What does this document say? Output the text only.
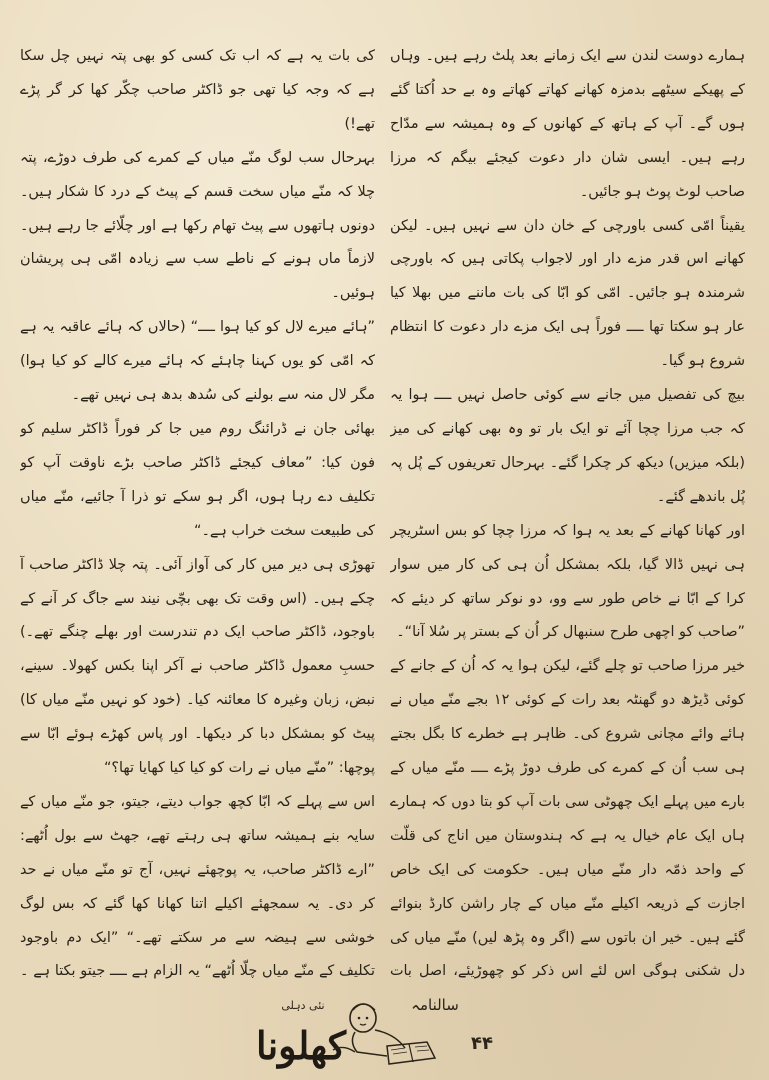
ہمارے دوست لندن سے ایک زمانے بعد پلٹ رہے ہیں۔ وہاں کے پھیکے سیٹھے بدمزہ کھانے کھاتے کھاتے وہ بے حد اُکتا گئے ہوں گے۔ آپ کے ہاتھ کے کھانوں کے وہ ہمیشہ سے مدّاح رہے ہیں۔ ایسی شان دار دعوت کیجئے بیگم کہ مرزا صاحب لوٹ پوٹ ہو جائیں۔

یقیناً امّی کسی باورچی کے خان دان سے نہیں ہیں۔ لیکن کھانے اس قدر مزے دار اور لاجواب پکاتی ہیں کہ باورچی شرمندہ ہو جائیں۔ امّی کو ابّا کی بات ماننے میں بھلا کیا عار ہو سکتا تھا ــــ فوراً ہی ایک مزے دار دعوت کا انتظام شروع ہو گیا۔

بیچ کی تفصیل میں جانے سے کوئی حاصل نہیں ــــ ہوا یہ کہ جب مرزا چچا آئے تو ایک بار تو وہ بھی کھانے کی میز (بلکہ میزیں) دیکھ کر چکرا گئے۔ بہرحال تعریفوں کے پُل پہ پُل باندھے گئے۔

اور کھانا کھانے کے بعد یہ ہوا کہ مرزا چچا کو بس اسٹریچر ہی نہیں ڈالا گیا، بلکہ بمشکل اُن ہی کی کار میں سوار کرا کے ابّا نے خاص طور سے وو، دو نوکر ساتھ کر دیئے کہ ”صاحب کو اچھی طرح سنبھال کر اُن کے بستر پر سُلا آنا“۔

خیر مرزا صاحب تو چلے گئے، لیکن ہوا یہ کہ اُن کے جانے کے کوئی ڈیڑھ دو گھنٹہ بعد رات کے کوئی ١٢ بجے منّے میاں نے ہائے وائے مچانی شروع کی۔ ظاہر ہے خطرے کا بگل بجتے ہی سب اُن کے کمرے کی طرف دوڑ پڑے ــــ منّے میاں کے بارے میں پہلے ایک چھوٹی سی بات آپ کو بتا دوں کہ ہمارے ہاں ایک عام خیال یہ ہے کہ ہندوستان میں اناج کی قلّت کے واحد ذمّہ دار منّے میاں ہیں۔ حکومت کی ایک خاص اجازت کے ذریعہ اکیلے منّے میاں کے چار راشن کارڈ بنوائے گئے ہیں۔ خیر ان باتوں سے (اگر وہ پڑھ لیں) منّے میاں کی دل شکنی ہوگی اس لئے اس ذکر کو چھوڑیئے، اصل بات

کی بات یہ ہے کہ اب تک کسی کو بھی پتہ نہیں چل سکا ہے کہ وجہ کیا تھی جو ڈاکٹر صاحب چکّر کھا کر گر پڑے تھے!)

بہرحال سب لوگ منّے میاں کے کمرے کی طرف دوڑے، پتہ چلا کہ منّے میاں سخت قسم کے پیٹ کے درد کا شکار ہیں۔ دونوں ہاتھوں سے پیٹ تھام رکھا ہے اور چلّائے جا رہے ہیں۔ لازماً ماں ہونے کے ناطے سب سے زیادہ امّی ہی پریشان ہوئیں۔

”ہائے میرے لال کو کیا ہوا ــــ“ (حالاں کہ ہائے عاقبہ یہ ہے کہ امّی کو یوں کہنا چاہئے کہ ہائے میرے کالے کو کیا ہوا) مگر لال منہ سے بولنے کی سُدھ بدھ ہی نہیں تھے۔

بھائی جان نے ڈرائنگ روم میں جا کر فوراً ڈاکٹر سلیم کو فون کیا: ”معاف کیجئے ڈاکٹر صاحب بڑے ناوقت آپ کو تکلیف دے رہا ہوں، اگر ہو سکے تو ذرا آ جائیے، منّے میاں کی طبیعت سخت خراب ہے۔“

تھوڑی ہی دیر میں کار کی آواز آئی۔ پتہ چلا ڈاکٹر صاحب آ چکے ہیں۔ (اس وقت تک بھی بچّی نیند سے جاگ کر آنے کے باوجود، ڈاکٹر صاحب ایک دم تندرست اور بھلے چنگے تھے۔) حسبِ معمول ڈاکٹر صاحب نے آکر اپنا بکس کھولا۔ سینے، نبض، زبان وغیرہ کا معائنہ کیا۔ (خود کو نہیں منّے میاں کا) پیٹ کو بمشکل دبا کر دیکھا۔ اور پاس کھڑے ہوئے ابّا سے پوچھا: ”منّے میاں نے رات کو کیا کیا کھایا تھا؟“

اس سے پہلے کہ ابّا کچھ جواب دیتے، جیتو، جو منّے میاں کے سایہ بنے ہمیشہ ساتھ ہی رہتے تھے، جھٹ سے بول اُٹھے: ”ارے ڈاکٹر صاحب، یہ پوچھئے نہیں، آج تو منّے میاں نے حد کر دی۔ یہ سمجھئے اکیلے اتنا کھانا کھا گئے کہ بس لوگ خوشی سے ہیضہ سے مر سکتے تھے۔“ ”ایک دم باوجود تکلیف کے منّے میاں چلّا اُٹھے“ یہ الزام ہے ــــ جیتو بکتا ہے ۔

نئی دہلی
کھلونا
سالنامہ
۴۴
